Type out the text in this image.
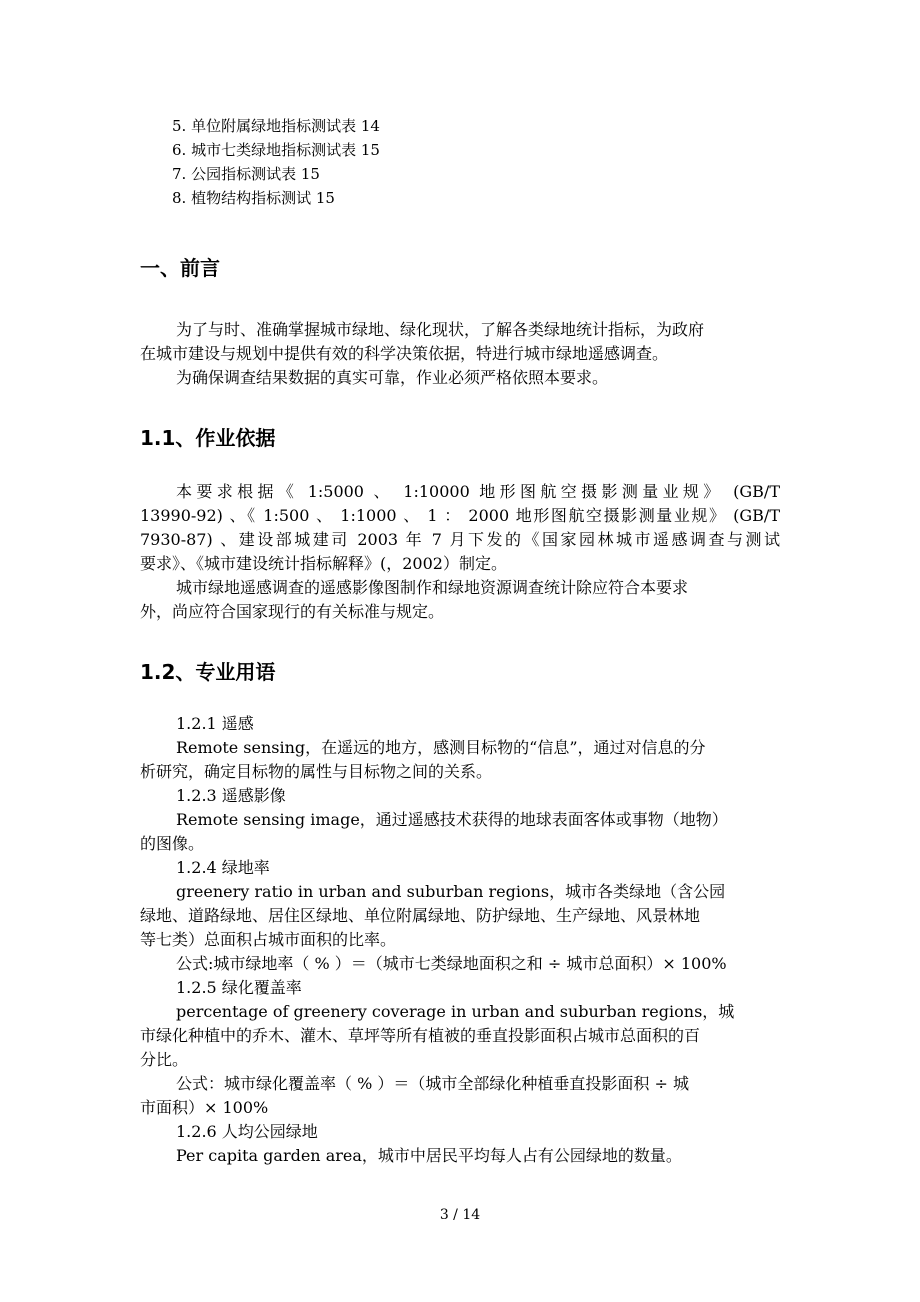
5. 单位附属绿地指标测试表 14
6. 城市七类绿地指标测试表 15
7. 公园指标测试表 15
8. 植物结构指标测试 15
一、前言
为了与时、准确掌握城市绿地、绿化现状，了解各类绿地统计指标，为政府
在城市建设与规划中提供有效的科学决策依据，特进行城市绿地遥感调查。
为确保调查结果数据的真实可靠，作业必须严格依照本要求。
1.1、作业依据
本要求根据《 1:5000 、 1:10000 地形图航空摄影测量业规》 (GB/T
13990-92) 、《 1:500 、 1:1000 、 1 ： 2000 地形图航空摄影测量业规》 (GB/T
7930-87) 、建设部城建司 2003 年 7 月下发的《国家园林城市遥感调查与测试
要求》、《城市建设统计指标解释》(，2002）制定。
城市绿地遥感调查的遥感影像图制作和绿地资源调查统计除应符合本要求
外，尚应符合国家现行的有关标准与规定。
1.2、专业用语
1.2.1 遥感
Remote sensing，在遥远的地方，感测目标物的“信息”，通过对信息的分
析研究，确定目标物的属性与目标物之间的关系。
1.2.3 遥感影像
Remote sensing image，通过遥感技术获得的地球表面客体或事物（地物）
的图像。
1.2.4 绿地率
greenery ratio in urban and suburban regions，城市各类绿地（含公园
绿地、道路绿地、居住区绿地、单位附属绿地、防护绿地、生产绿地、风景林地
等七类）总面积占城市面积的比率。
公式:城市绿地率（ % ）＝（城市七类绿地面积之和 ÷ 城市总面积）× 100%
1.2.5 绿化覆盖率
percentage of greenery coverage in urban and suburban regions，城
市绿化种植中的乔木、灌木、草坪等所有植被的垂直投影面积占城市总面积的百
分比。
公式：城市绿化覆盖率（ % ）＝（城市全部绿化种植垂直投影面积 ÷ 城
市面积）× 100%
1.2.6 人均公园绿地
Per capita garden area，城市中居民平均每人占有公园绿地的数量。
3 / 14
